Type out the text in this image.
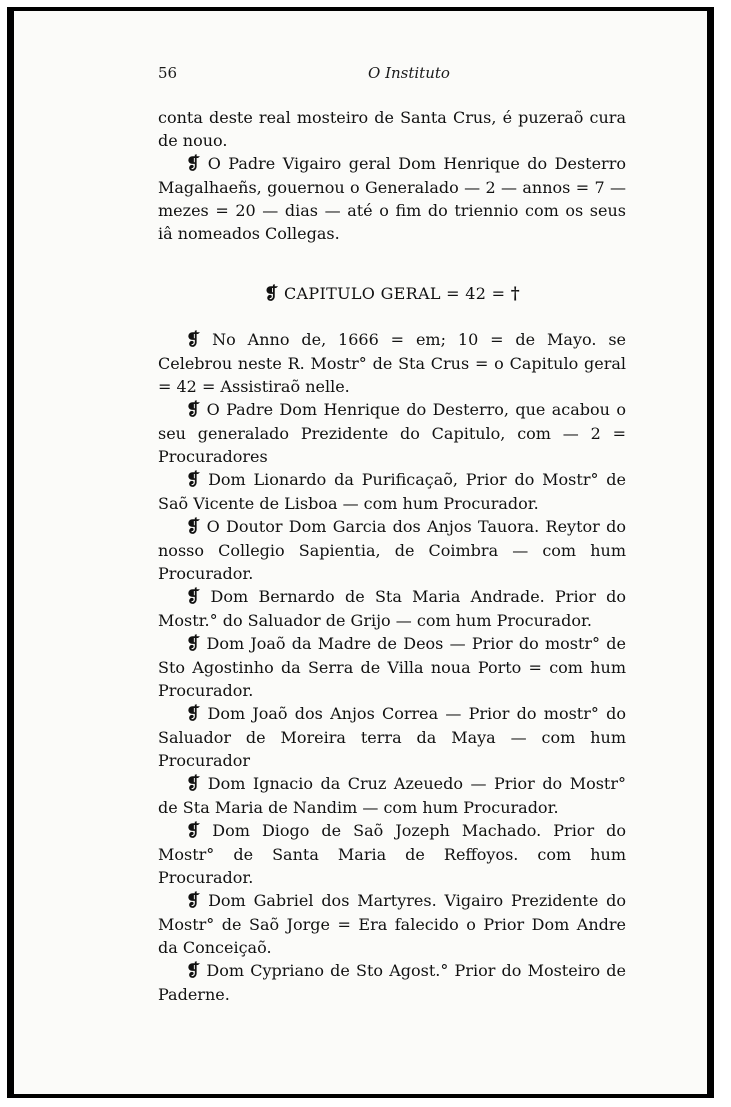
56	O Instituto

conta deste real mosteiro de Santa Crus, é puzeraõ cura de nouo.

❡ O Padre Vigairo geral Dom Henrique do Desterro Magalhaeñs, gouernou o Generalado — 2 — annos = 7 — mezes = 20 — dias — até o fim do triennio com os seus iâ nomeados Collegas.

❡ CAPITULO GERAL = 42 = †

❡ No Anno de, 1666 = em; 10 = de Mayo. se Celebrou neste R. Mostr° de Sta Crus = o Capitulo geral = 42 = Assistiraõ nelle.

❡ O Padre Dom Henrique do Desterro, que acabou o seu generalado Prezidente do Capitulo, com — 2 = Procuradores

❡ Dom Lionardo da Purificaçaõ, Prior do Mostr° de Saõ Vicente de Lisboa — com hum Procurador.

❡ O Doutor Dom Garcia dos Anjos Tauora. Reytor do nosso Collegio Sapientia, de Coimbra — com hum Procurador.

❡ Dom Bernardo de Sta Maria Andrade. Prior do Mostr.° do Saluador de Grijo — com hum Procurador.

❡ Dom Joaõ da Madre de Deos — Prior do mostr° de Sto Agostinho da Serra de Villa noua Porto = com hum Procurador.

❡ Dom Joaõ dos Anjos Correa — Prior do mostr° do Saluador de Moreira terra da Maya — com hum Procurador

❡ Dom Ignacio da Cruz Azeuedo — Prior do Mostr° de Sta Maria de Nandim — com hum Procurador.

❡ Dom Diogo de Saõ Jozeph Machado. Prior do Mostr° de Santa Maria de Reffoyos. com hum Procurador.

❡ Dom Gabriel dos Martyres. Vigairo Prezidente do Mostr° de Saõ Jorge = Era falecido o Prior Dom Andre da Conceiçaõ.

❡ Dom Cypriano de Sto Agost.° Prior do Mosteiro de Paderne.
